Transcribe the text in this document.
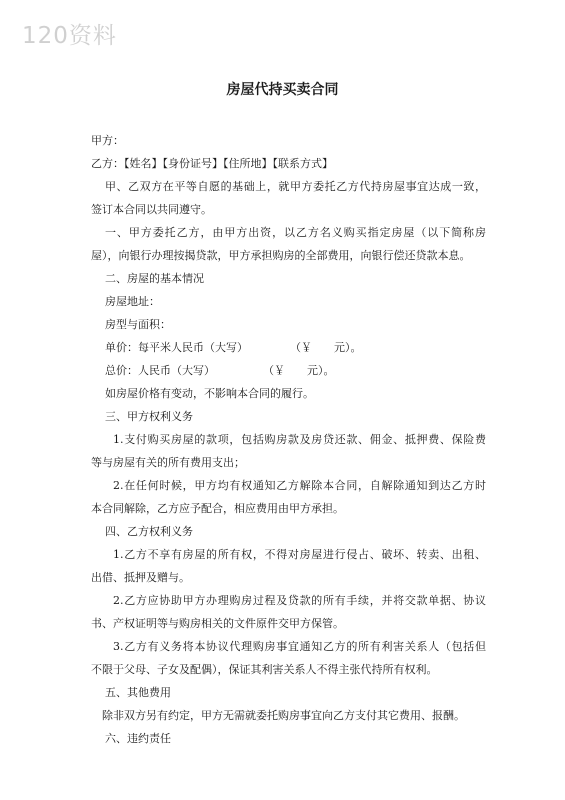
120资料
房屋代持买卖合同
甲方：
乙方：【姓名】【身份证号】【住所地】【联系方式】
甲、乙双方在平等自愿的基础上，就甲方委托乙方代持房屋事宜达成一致，
签订本合同以共同遵守。
一、甲方委托乙方，由甲方出资，以乙方名义购买指定房屋（以下简称房
屋），向银行办理按揭贷款，甲方承担购房的全部费用，向银行偿还贷款本息。
二、房屋的基本情况
房屋地址：
房型与面积：
单价：每平米人民币（大写）	（￥　　元）。
总价：人民币（大写）	（￥　　元）。
如房屋价格有变动，不影响本合同的履行。
三、甲方权利义务
1.支付购买房屋的款项，包括购房款及房贷还款、佣金、抵押费、保险费
等与房屋有关的所有费用支出；
2.在任何时候，甲方均有权通知乙方解除本合同，自解除通知到达乙方时
本合同解除，乙方应予配合，相应费用由甲方承担。
四、乙方权利义务
1.乙方不享有房屋的所有权，不得对房屋进行侵占、破坏、转卖、出租、
出借、抵押及赠与。
2.乙方应协助甲方办理购房过程及贷款的所有手续，并将交款单据、协议
书、产权证明等与购房相关的文件原件交甲方保管。
3.乙方有义务将本协议代理购房事宜通知乙方的所有利害关系人（包括但
不限于父母、子女及配偶），保证其利害关系人不得主张代持所有权利。
五、其他费用
除非双方另有约定，甲方无需就委托购房事宜向乙方支付其它费用、报酬。
六、违约责任
